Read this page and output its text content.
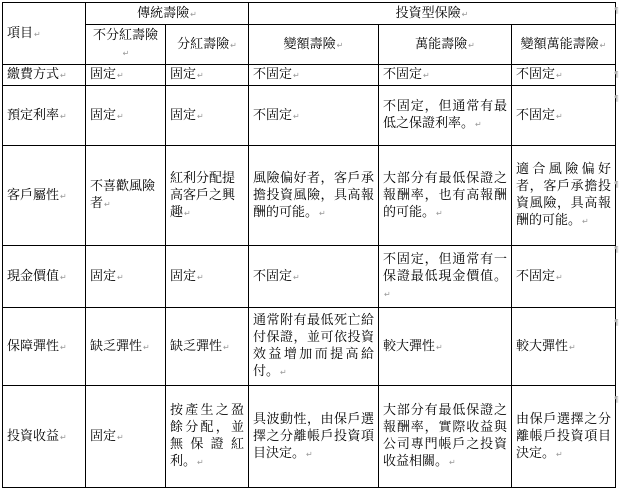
項目↵	傳統壽險↵		投資型保險↵		
	不分紅壽險↵	分紅壽險↵	變額壽險↵	萬能壽險↵	變額萬能壽險↵
繳費方式↵	固定↵	固定↵	不固定↵	不固定↵	不固定↵
預定利率↵	固定↵	固定↵	不固定↵	不固定，但通常有最低之保證利率。↵	不固定↵
客戶屬性↵	不喜歡風險者↵	紅利分配提高客戶之興趣↵	風險偏好者，客戶承擔投資風險，具高報酬的可能。↵	大部分有最低保證之報酬率，也有高報酬的可能。↵	適合風險偏好者，客戶承擔投資風險，具高報酬的可能。↵
現金價值↵	固定↵	固定↵	不固定↵	不固定，但通常有一保證最低現金價值。↵	不固定↵
保障彈性↵	缺乏彈性↵	缺乏彈性↵	通常附有最低死亡給付保證，並可依投資效益增加而提高給付。↵	較大彈性↵	較大彈性↵
投資收益↵	固定↵	按產生之盈餘分配，並無保證紅利。↵	具波動性，由保戶選擇之分離帳戶投資項目決定。↵	大部分有最低保證之報酬率，實際收益與公司專門帳戶之投資收益相關。↵	由保戶選擇之分離帳戶投資項目決定。↵
¶
¶
¶
¶
¶
¶
¶
